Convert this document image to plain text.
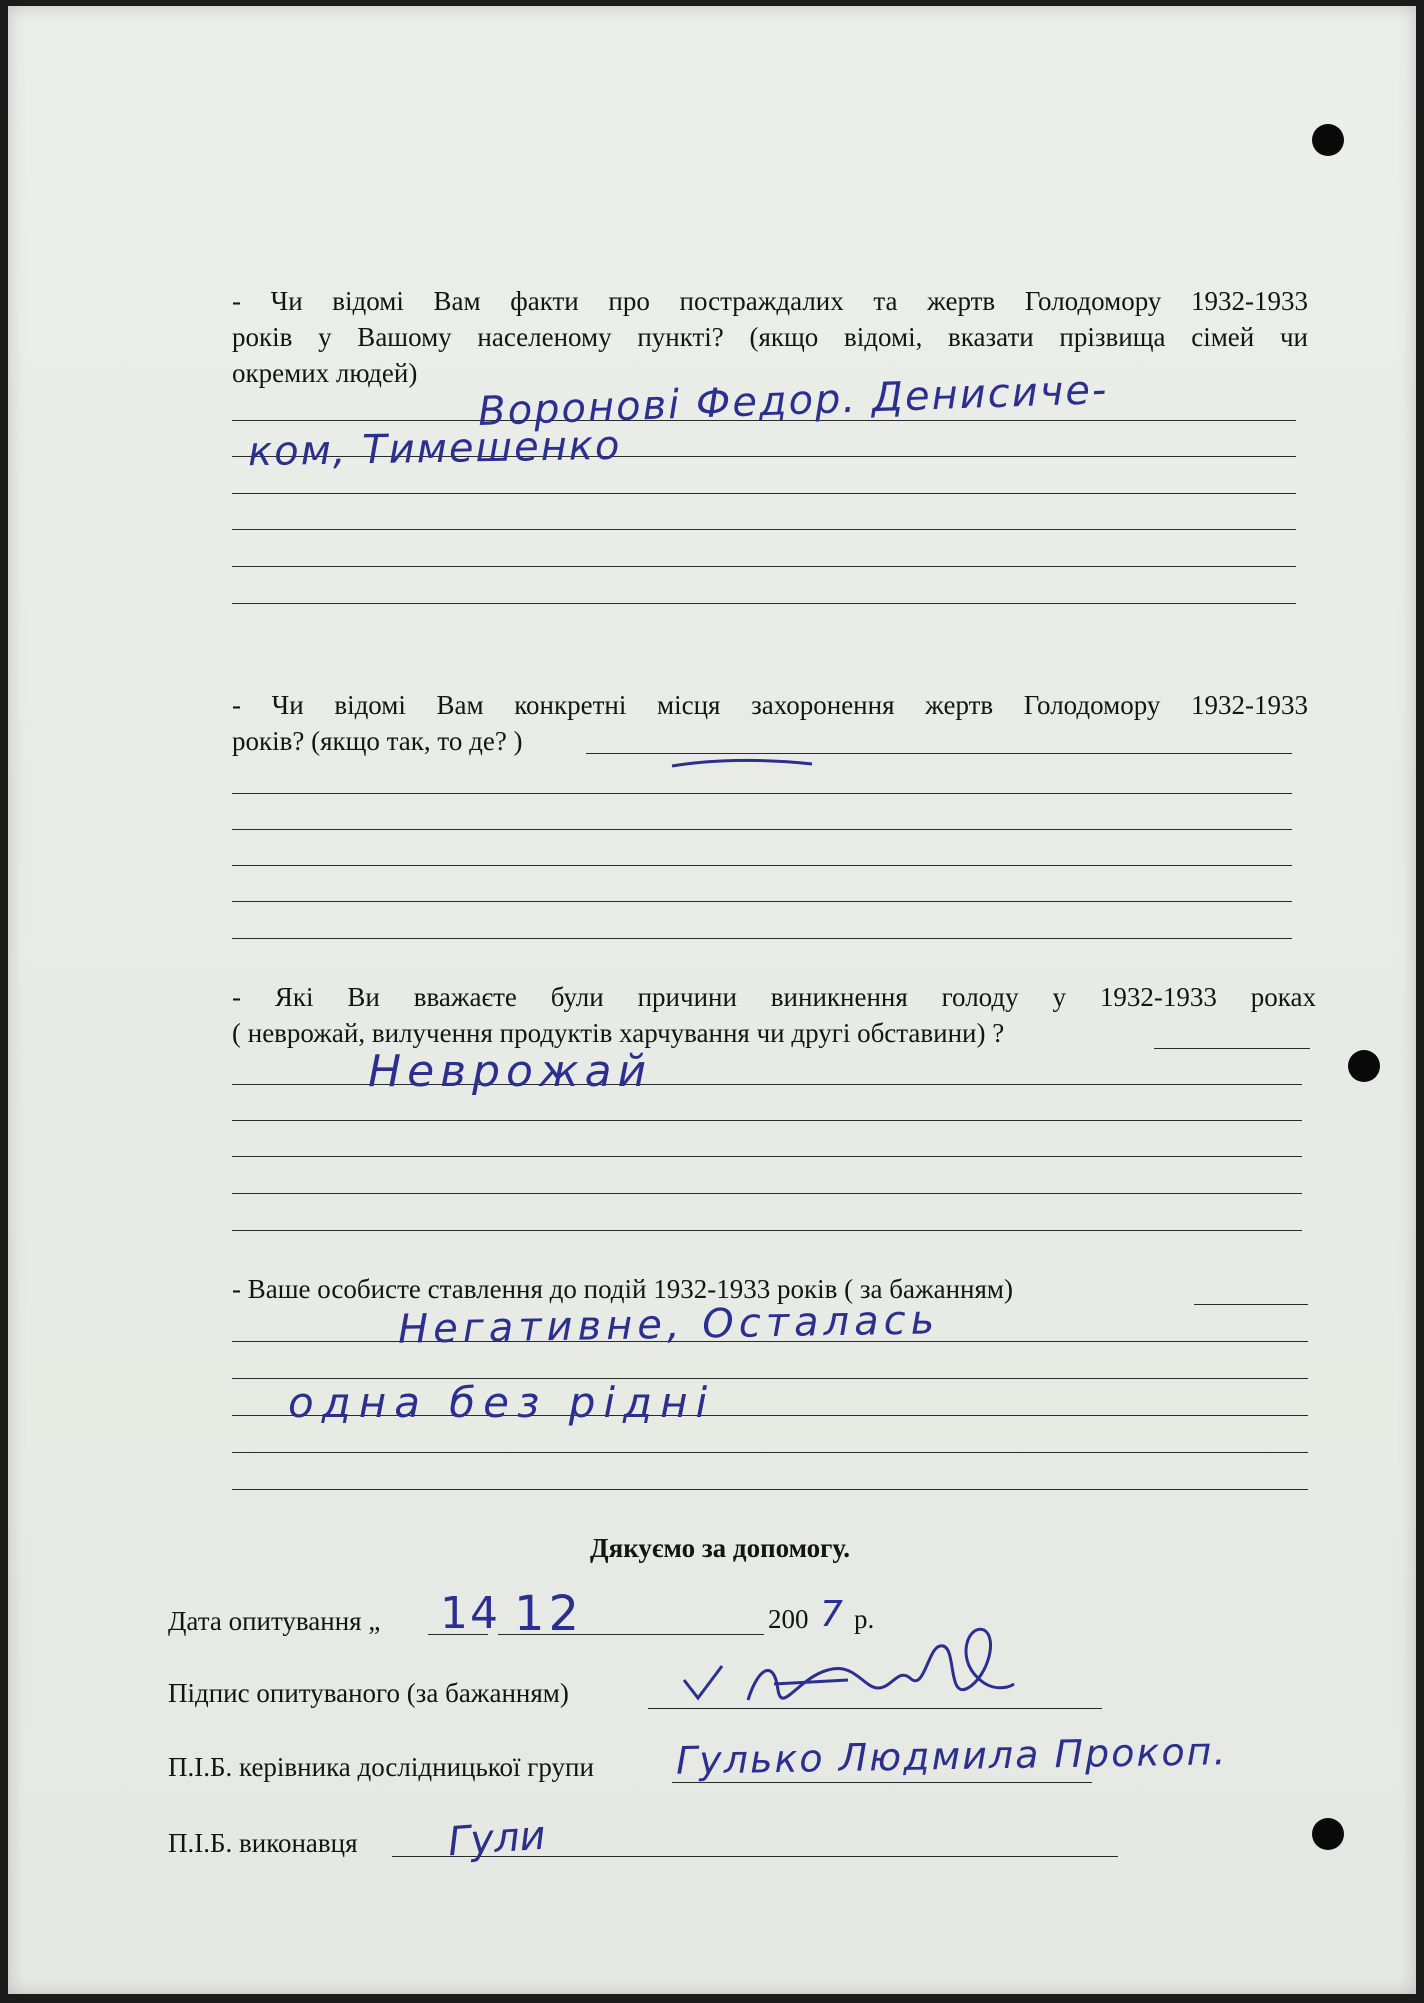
- Чи відомі Вам факти про постраждалих та жертв Голодомору 1932-1933
років у Вашому населеному пункті? (якщо відомі, вказати прізвища сімей чи
окремих людей) Воронові Федор. Денисиче-
ком, Тимешенко
- Чи відомі Вам конкретні місця захоронення жертв Голодомору 1932-1933
років? (якщо так, то де? )
- Які Ви вважаєте були причини виникнення голоду у 1932-1933 роках
( неврожай, вилучення продуктів харчування чи другі обставини) ?
Неврожай
- Ваше особисте ставлення до подій 1932-1933 років ( за бажанням)
Негативне, Осталась
одна без рідні
Дякуємо за допомогу.
Дата опитування „ 14 12	200 7 р.
Підпис опитуваного (за бажанням)
П.І.Б. керівника дослідницької групи Гулько Людмила Прокоп.
П.І.Б. виконавця Гули
